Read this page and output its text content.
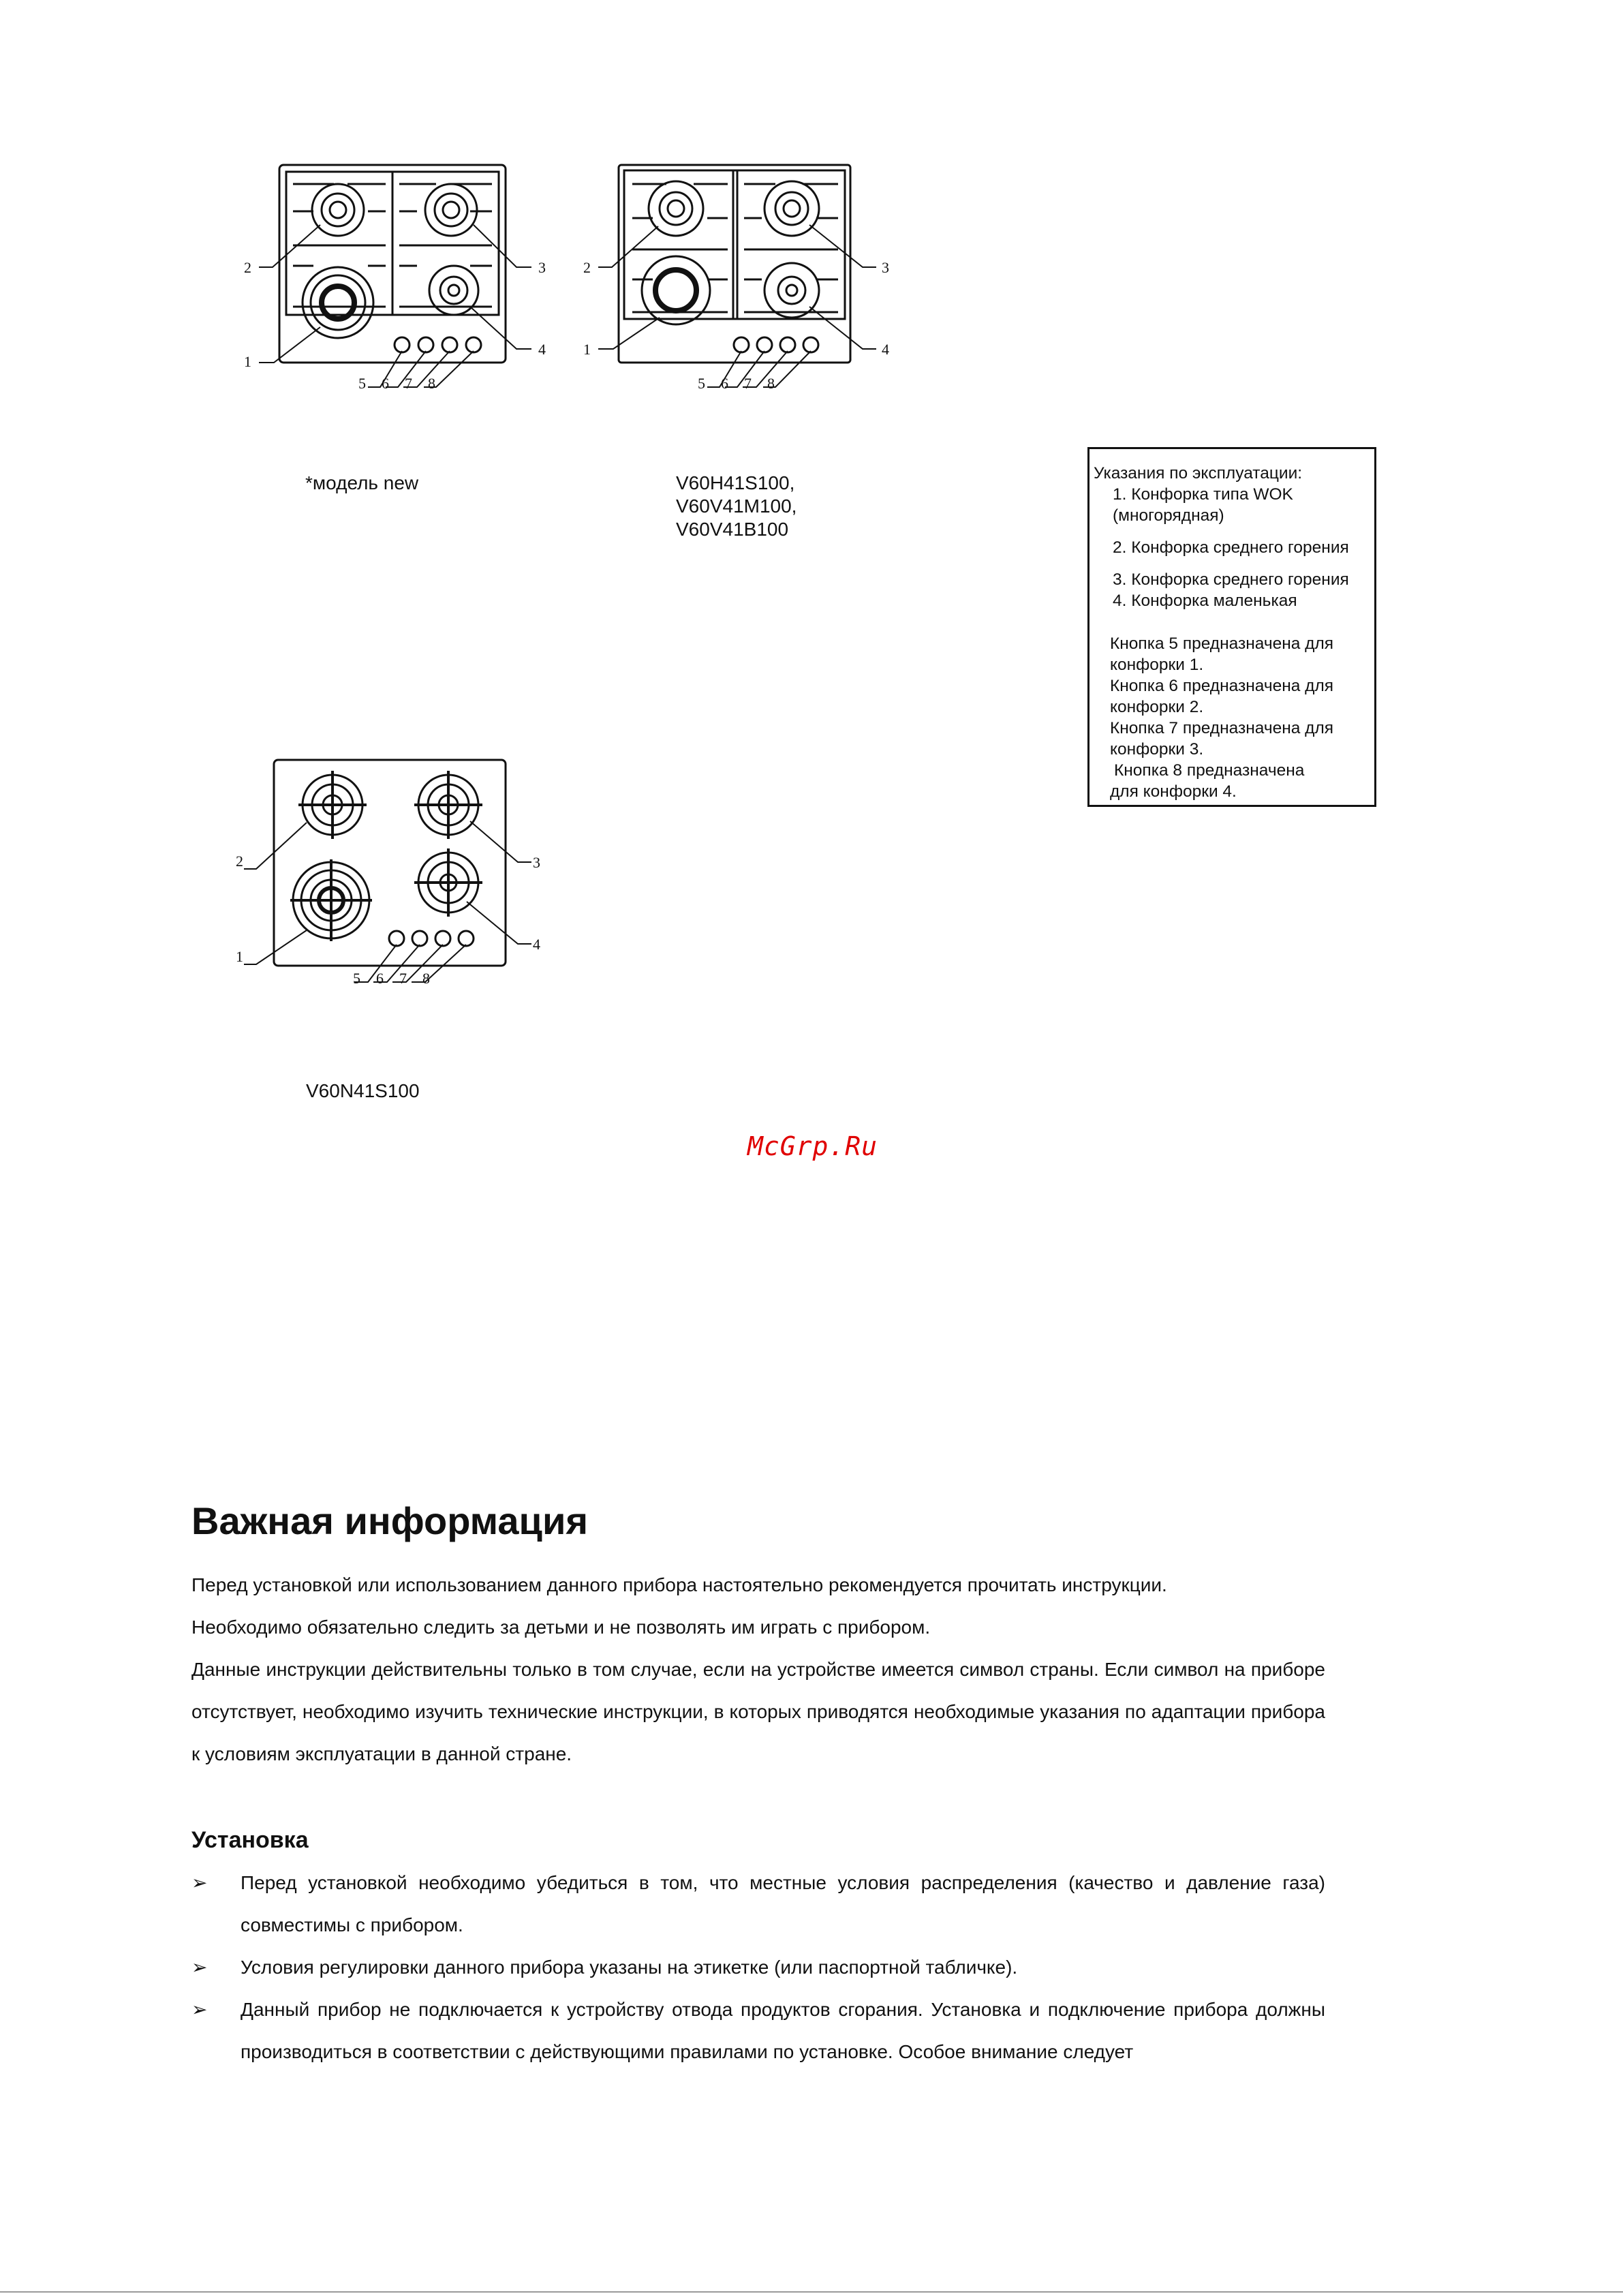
2
1
3
4
5 6 7 8
2
1
3
4
5 6 7 8
2
1
3
4
5 6 7 8
*модель new	V60H41S100,
V60V41M100,
V60V41B100
V60N41S100
Указания по эксплуатации:
1. Конфорка типа WOK
(многорядная)
2. Конфорка среднего горения
3. Конфорка среднего горения
4. Конфорка маленькая
Кнопка 5 предназначена для
конфорки 1.
Кнопка 6 предназначена для
конфорки 2.
Кнопка 7 предназначена для
конфорки 3.
Кнопка 8 предназначена
для конфорки 4.
McGrp.Ru
Важная информация
Перед установкой или использованием данного прибора настоятельно рекомендуется прочитать инструкции.
Необходимо обязательно следить за детьми и не позволять им играть с прибором.
Данные инструкции действительны только в том случае, если на устройстве имеется символ страны. Если символ на приборе отсутствует, необходимо изучить технические инструкции, в которых приводятся необходимые указания по адаптации прибора к условиям эксплуатации в данной стране.
Установка
➢ Перед установкой необходимо убедиться в том, что местные условия распределения (качество и давление газа) совместимы с прибором.
➢ Условия регулировки данного прибора указаны на этикетке (или паспортной табличке).
➢ Данный прибор не подключается к устройству отвода продуктов сгорания. Установка и подключение прибора должны производиться в соответствии с действующими правилами по установке. Особое внимание следует
